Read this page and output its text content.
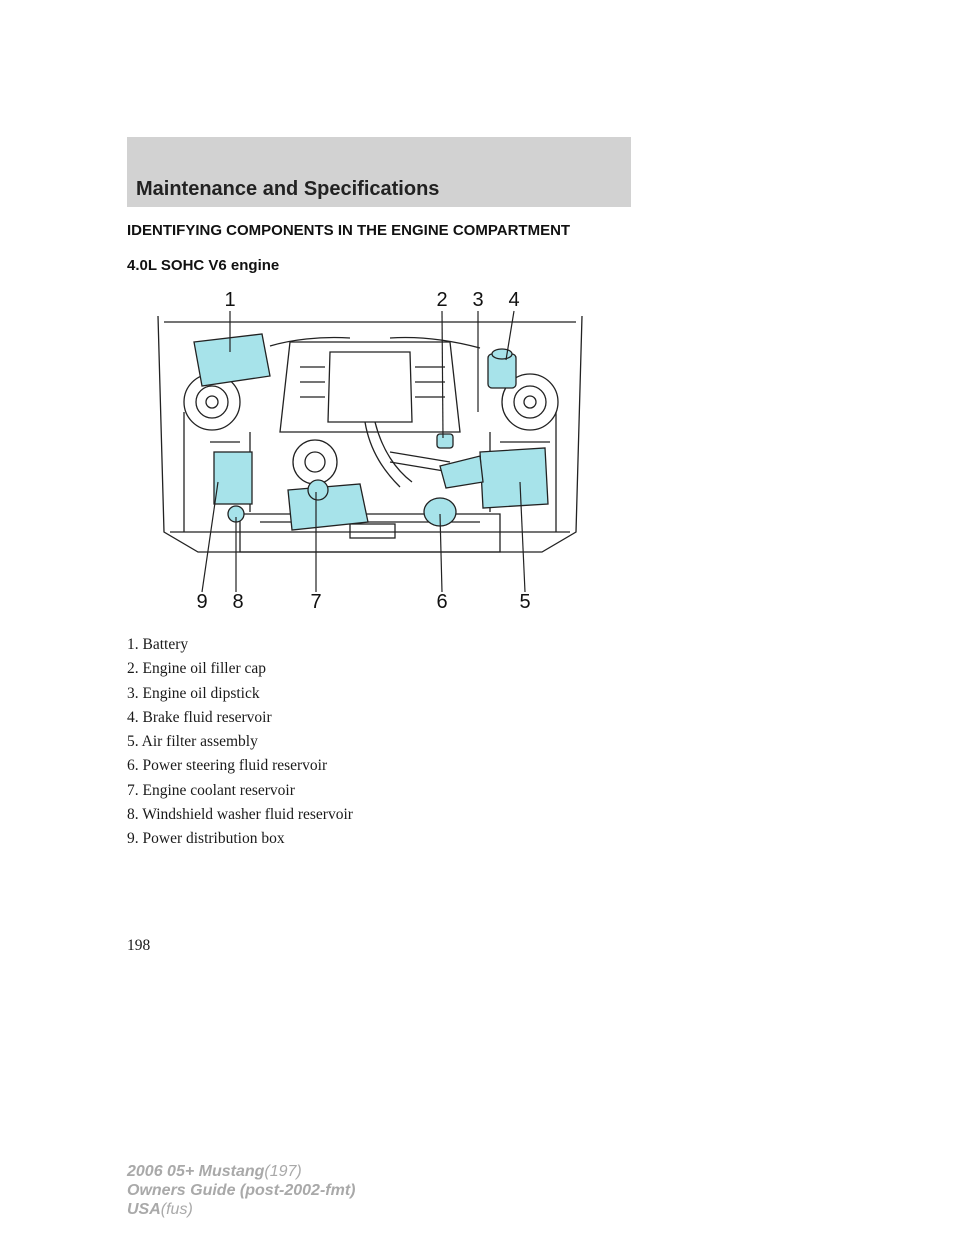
Maintenance and Specifications
IDENTIFYING COMPONENTS IN THE ENGINE COMPARTMENT
4.0L SOHC V6 engine
1	2 3 4
5
6
7
8
9
1. Battery
2. Engine oil filler cap
3. Engine oil dipstick
4. Brake fluid reservoir
5. Air filter assembly
6. Power steering fluid reservoir
7. Engine coolant reservoir
8. Windshield washer fluid reservoir
9. Power distribution box
198
2006 05+ Mustang(197)
Owners Guide (post-2002-fmt)
USA(fus)
